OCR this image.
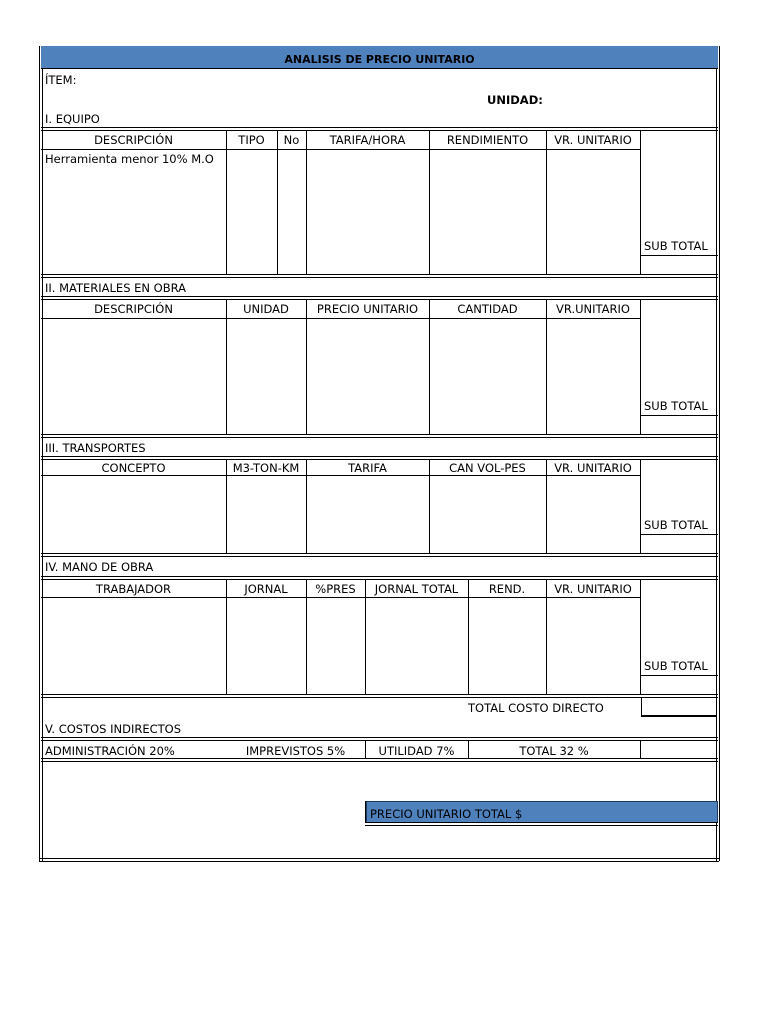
ANALISIS DE PRECIO UNITARIO
ÍTEM:
UNIDAD:
I. EQUIPO
DESCRIPCIÓN	TIPO	No	TARIFA/HORA	RENDIMIENTO	VR. UNITARIO
Herramienta menor 10% M.O
SUB TOTAL
II. MATERIALES EN OBRA
DESCRIPCIÓN	UNIDAD	PRECIO UNITARIO	CANTIDAD	VR.UNITARIO
SUB TOTAL
III. TRANSPORTES
CONCEPTO	M3-TON-KM	TARIFA	CAN VOL-PES	VR. UNITARIO
SUB TOTAL
IV. MANO DE OBRA
TRABAJADOR	JORNAL	%PRES	JORNAL TOTAL	REND.	VR. UNITARIO
SUB TOTAL
TOTAL COSTO DIRECTO
V. COSTOS INDIRECTOS
ADMINISTRACIÓN 20%	IMPREVISTOS 5%	UTILIDAD 7%	TOTAL 32 %
PRECIO UNITARIO TOTAL $
